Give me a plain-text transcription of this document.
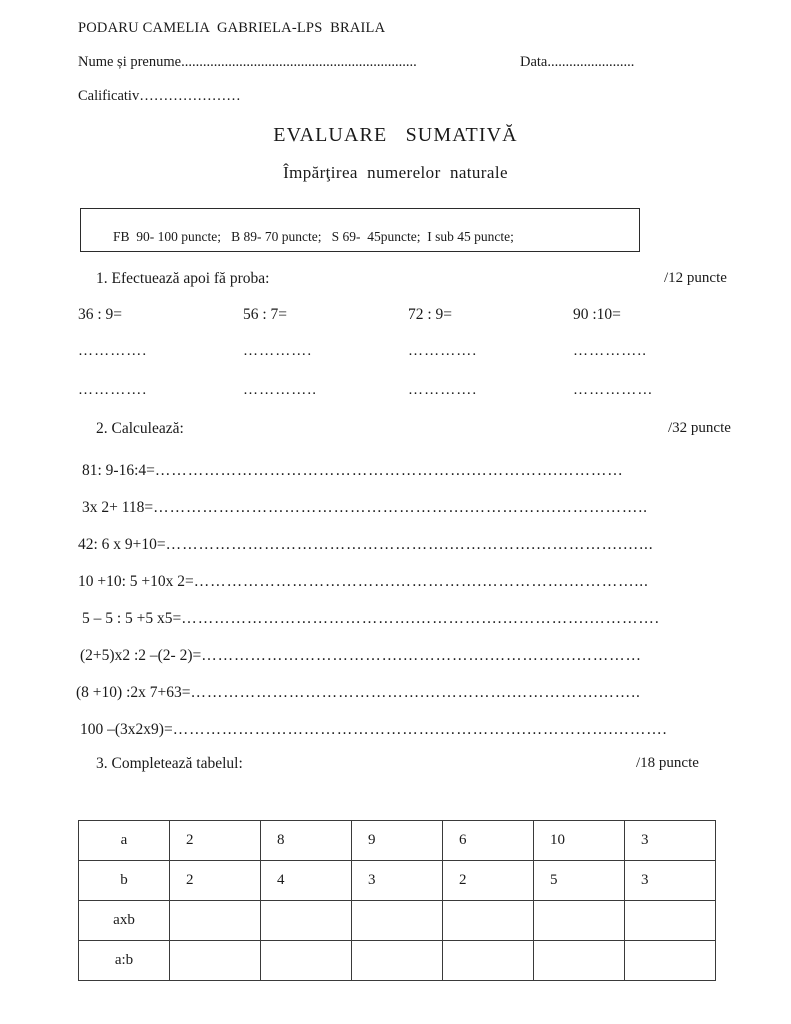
PODARU CAMELIA  GABRIELA-LPS  BRAILA
Nume și prenume.................................................................	Data........................
Calificativ…………………
EVALUARE   SUMATIVĂ
Împărţirea  numerelor  naturale
FB  90- 100 puncte;   B 89- 70 puncte;   S 69-  45puncte;  I sub 45 puncte;
1. Efectuează apoi fă proba:	/12 puncte
36 : 9=	56 : 7=	72 : 9=	90 :10=
………….	………….	………….	…………..
………….	…………..	………….	……………
2. Calculează:	/32 puncte
81: 9-16:4=………………………………………………….…………….…………
3x 2+ 118=………………………………………………….…………….……………..
42: 6 x 9+10=…………………………………………….…………….…………….…...
10 +10: 5 +10x 2=……………………………….…………….…………….…………...
5 – 5 : 5 +5 x5=…………………………………….…………….…………….………….
(2+5)x2 :2 –(2- 2)=……………………………….…………….…………….…………
(8 +10) :2x 7+63=…………………………………….…………….…………….……..
100 –(3x2x9)=………………………………………….…………….…………….……….
3. Completează tabelul:	/18 puncte
a	2	8	9	6	10	3
b	2	4	3	2	5	3
axb						
a:b						
